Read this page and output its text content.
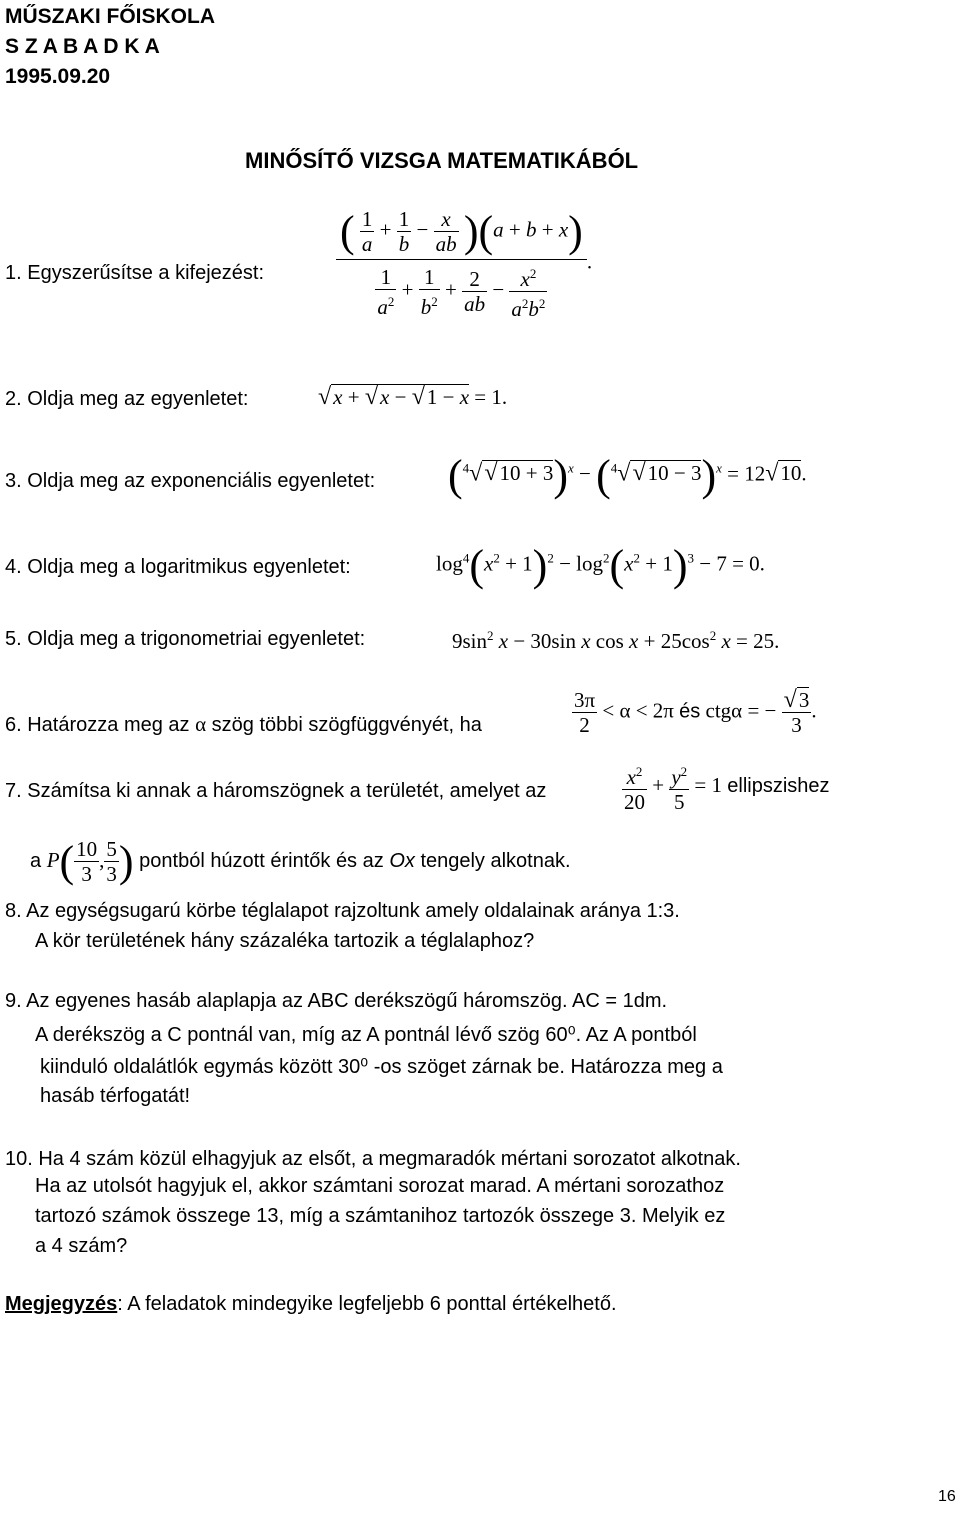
MŰSZAKI FŐISKOLA
S Z A B A D K A
1995.09.20
MINŐSÍTŐ VIZSGA MATEMATIKÁBÓL
1. Egyszerűsítse a kifejezést:
( $\frac{1}{a} + \frac{1}{b} - \frac{x}{ab} )(a + b + x)$
$\frac{1}{a^2} + \frac{1}{b^2} + \frac{2}{ab} - \frac{x^2}{a^2b^2}$
.
2. Oldja meg az egyenletet:	√x + √x − √1 − x = 1.
3. Oldja meg az exponenciális egyenletet: $(^4√√10 + 3)^x - (^4√√10 - 3)^x = 12√10$.
4. Oldja meg a logaritmikus egyenletet:	$\log^4(x^2 + 1)^2 - \log^2(x^2 + 1)^3 - 7 = 0$.
5. Oldja meg a trigonometriai egyenletet:	$9\sin^2$ x − 30sin x $\cos x + 25\cos^2$ x = 25.
6. Határozza meg az α szög többi szögfüggvényét, ha	$\frac{3\pi}{2} < \alpha < 2\pi$ és ctgα = − $\frac{√3}{3}$ .
7. Számítsa ki annak a háromszögnek a területét, amelyet az	$\frac{x^2}{20} + \frac{y^2}{5} = 1$ ellipszishez
a $P( \frac{10}{3}$ , $\frac{5}{3}$ ) pontból húzott érintők és az Ox tengely alkotnak.
8. Az egységsugarú körbe téglalapot rajzoltunk amely oldalainak aránya 1:3.
A kör területének hány százaléka tartozik a téglalaphoz?
9. Az egyenes hasáb alaplapja az ABC derékszögű háromszög. AC = 1dm.
A derékszög a C pontnál van, míg az A pontnál lévő szög 60⁰. Az A pontból
kiinduló oldalátlók egymás között 30⁰ -os szöget zárnak be. Határozza meg a
hasáb térfogatát!
10. Ha 4 szám közül elhagyjuk az elsőt, a megmaradók mértani sorozatot alkotnak.
Ha az utolsót hagyjuk el, akkor számtani sorozat marad. A mértani sorozathoz
tartozó számok összege 13, míg a számtanihoz tartozók összege 3. Melyik ez
a 4 szám?
Megjegyzés: A feladatok mindegyike legfeljebb 6 ponttal értékelhető.
16
